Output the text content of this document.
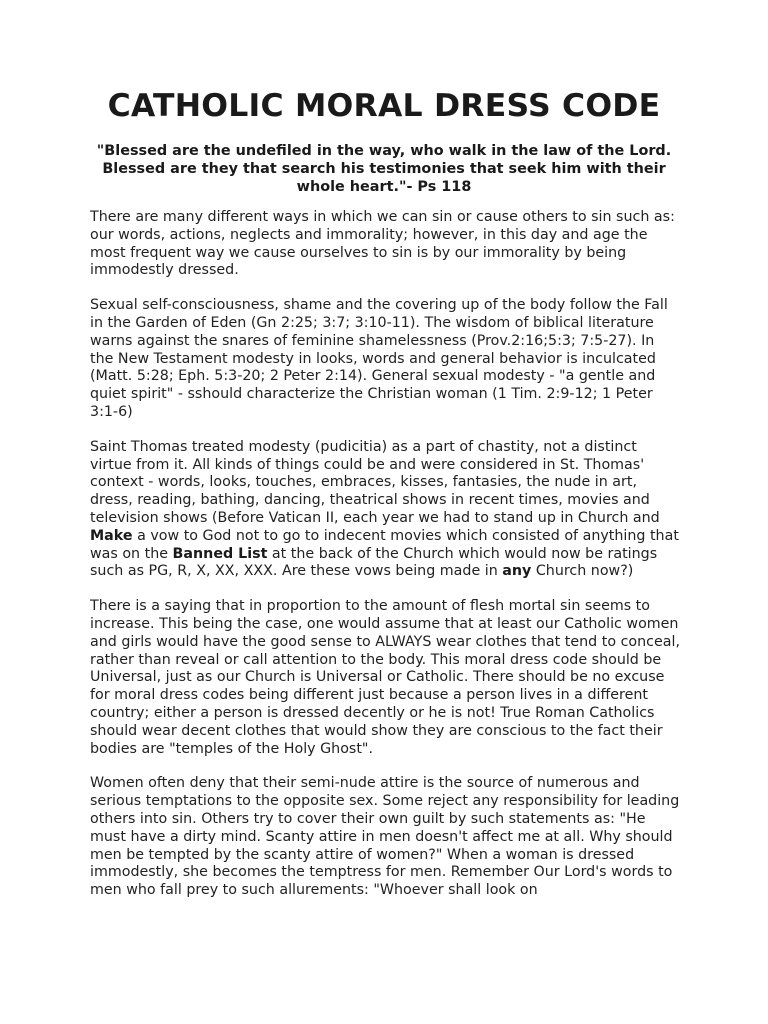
CATHOLIC MORAL DRESS CODE

"Blessed are the undefiled in the way, who walk in the law of the Lord. Blessed are they that search his testimonies that seek him with their whole heart."- Ps 118

There are many different ways in which we can sin or cause others to sin such as: our words, actions, neglects and immorality; however, in this day and age the most frequent way we cause ourselves to sin is by our immorality by being immodestly dressed.

Sexual self-consciousness, shame and the covering up of the body follow the Fall in the Garden of Eden (Gn 2:25; 3:7; 3:10-11). The wisdom of biblical literature warns against the snares of feminine shamelessness (Prov.2:16;5:3; 7:5-27). In the New Testament modesty in looks, words and general behavior is inculcated (Matt. 5:28; Eph. 5:3-20; 2 Peter 2:14). General sexual modesty - "a gentle and quiet spirit" - sshould characterize the Christian woman (1 Tim. 2:9-12; 1 Peter 3:1-6)

Saint Thomas treated modesty (pudicitia) as a part of chastity, not a distinct virtue from it. All kinds of things could be and were considered in St. Thomas' context - words, looks, touches, embraces, kisses, fantasies, the nude in art, dress, reading, bathing, dancing, theatrical shows in recent times, movies and television shows (Before Vatican II, each year we had to stand up in Church and Make a vow to God not to go to indecent movies which consisted of anything that was on the Banned List at the back of the Church which would now be ratings such as PG, R, X, XX, XXX. Are these vows being made in any Church now?)

There is a saying that in proportion to the amount of flesh mortal sin seems to increase. This being the case, one would assume that at least our Catholic women and girls would have the good sense to ALWAYS wear clothes that tend to conceal, rather than reveal or call attention to the body. This moral dress code should be Universal, just as our Church is Universal or Catholic. There should be no excuse for moral dress codes being different just because a person lives in a different country; either a person is dressed decently or he is not! True Roman Catholics should wear decent clothes that would show they are conscious to the fact their bodies are "temples of the Holy Ghost".

Women often deny that their semi-nude attire is the source of numerous and serious temptations to the opposite sex. Some reject any responsibility for leading others into sin. Others try to cover their own guilt by such statements as: "He must have a dirty mind. Scanty attire in men doesn't affect me at all. Why should men be tempted by the scanty attire of women?" When a woman is dressed immodestly, she becomes the temptress for men. Remember Our Lord's words to men who fall prey to such allurements: "Whoever shall look on
